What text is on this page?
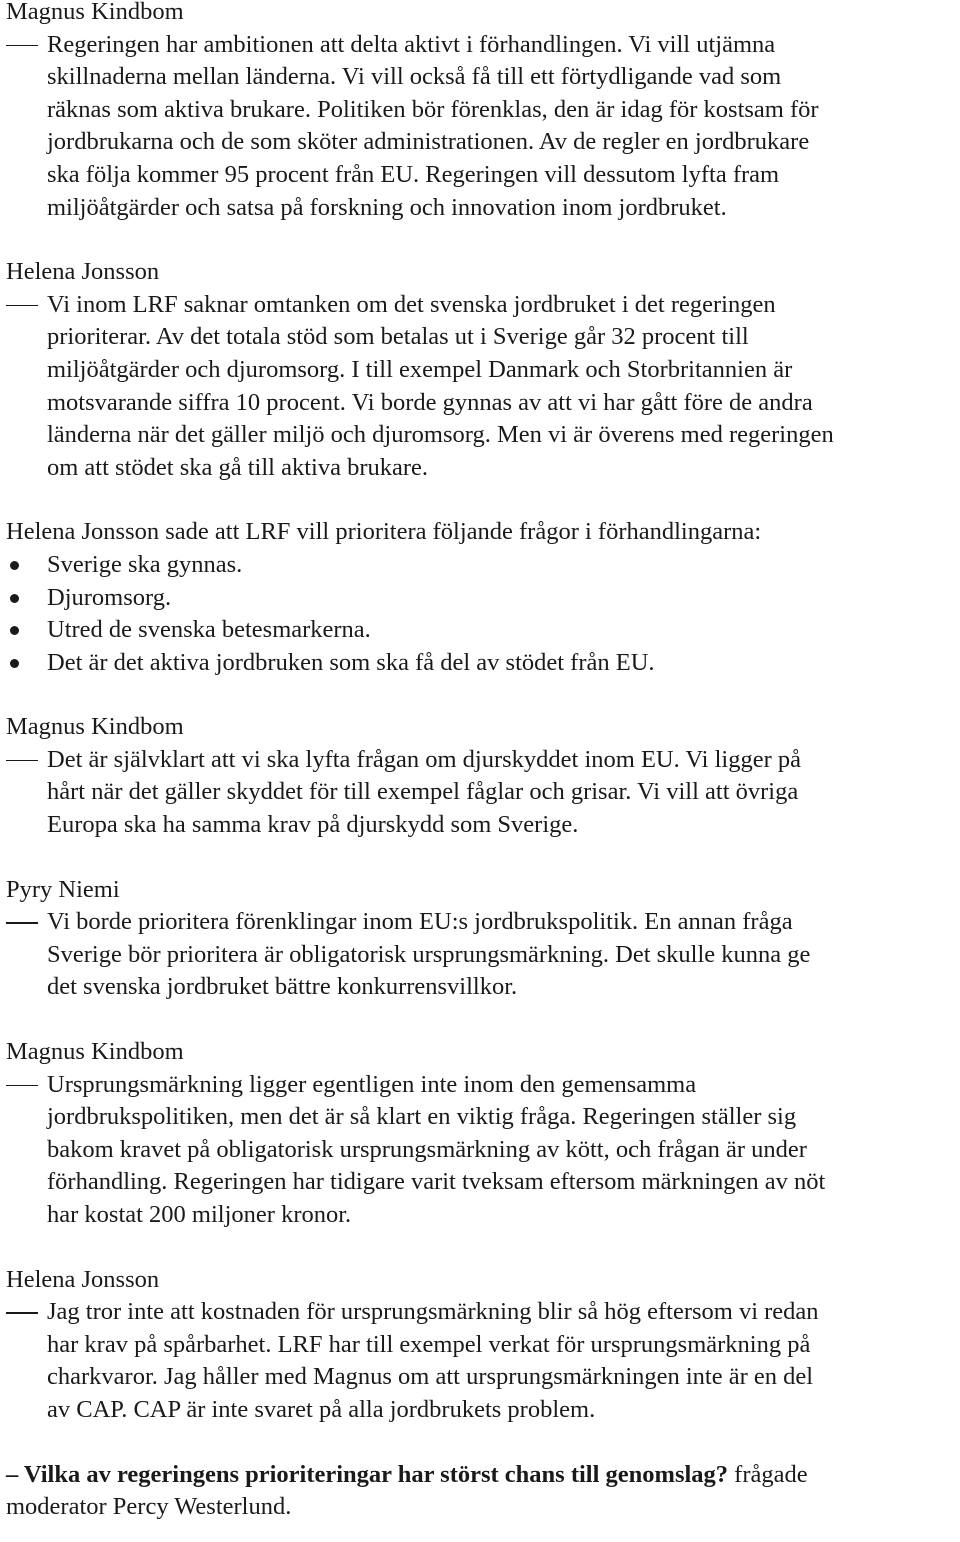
Magnus Kindbom

Regeringen har ambitionen att delta aktivt i förhandlingen. Vi vill utjämna
skillnaderna mellan länderna. Vi vill också få till ett förtydligande vad som
räknas som aktiva brukare. Politiken bör förenklas, den är idag för kostsam för
jordbrukarna och de som sköter administrationen. Av de regler en jordbrukare
ska följa kommer 95 procent från EU. Regeringen vill dessutom lyfta fram
miljöåtgärder och satsa på forskning och innovation inom jordbruket.

Helena Jonsson

Vi inom LRF saknar omtanken om det svenska jordbruket i det regeringen
prioriterar. Av det totala stöd som betalas ut i Sverige går 32 procent till
miljöåtgärder och djuromsorg. I till exempel Danmark och Storbritannien är
motsvarande siffra 10 procent. Vi borde gynnas av att vi har gått före de andra
länderna när det gäller miljö och djuromsorg. Men vi är överens med regeringen
om att stödet ska gå till aktiva brukare.

Helena Jonsson sade att LRF vill prioritera följande frågor i förhandlingarna:

Sverige ska gynnas.
Djuromsorg.
Utred de svenska betesmarkerna.
Det är det aktiva jordbruken som ska få del av stödet från EU.

Magnus Kindbom

Det är självklart att vi ska lyfta frågan om djurskyddet inom EU. Vi ligger på
hårt när det gäller skyddet för till exempel fåglar och grisar. Vi vill att övriga
Europa ska ha samma krav på djurskydd som Sverige.

Pyry Niemi

Vi borde prioritera förenklingar inom EU:s jordbrukspolitik. En annan fråga
Sverige bör prioritera är obligatorisk ursprungsmärkning. Det skulle kunna ge
det svenska jordbruket bättre konkurrensvillkor.

Magnus Kindbom

Ursprungsmärkning ligger egentligen inte inom den gemensamma
jordbrukspolitiken, men det är så klart en viktig fråga. Regeringen ställer sig
bakom kravet på obligatorisk ursprungsmärkning av kött, och frågan är under
förhandling. Regeringen har tidigare varit tveksam eftersom märkningen av nöt
har kostat 200 miljoner kronor.

Helena Jonsson

Jag tror inte att kostnaden för ursprungsmärkning blir så hög eftersom vi redan
har krav på spårbarhet. LRF har till exempel verkat för ursprungsmärkning på
charkvaror. Jag håller med Magnus om att ursprungsmärkningen inte är en del
av CAP. CAP är inte svaret på alla jordbrukets problem.

– Vilka av regeringens prioriteringar har störst chans till genomslag? frågade

moderator Percy Westerlund.
